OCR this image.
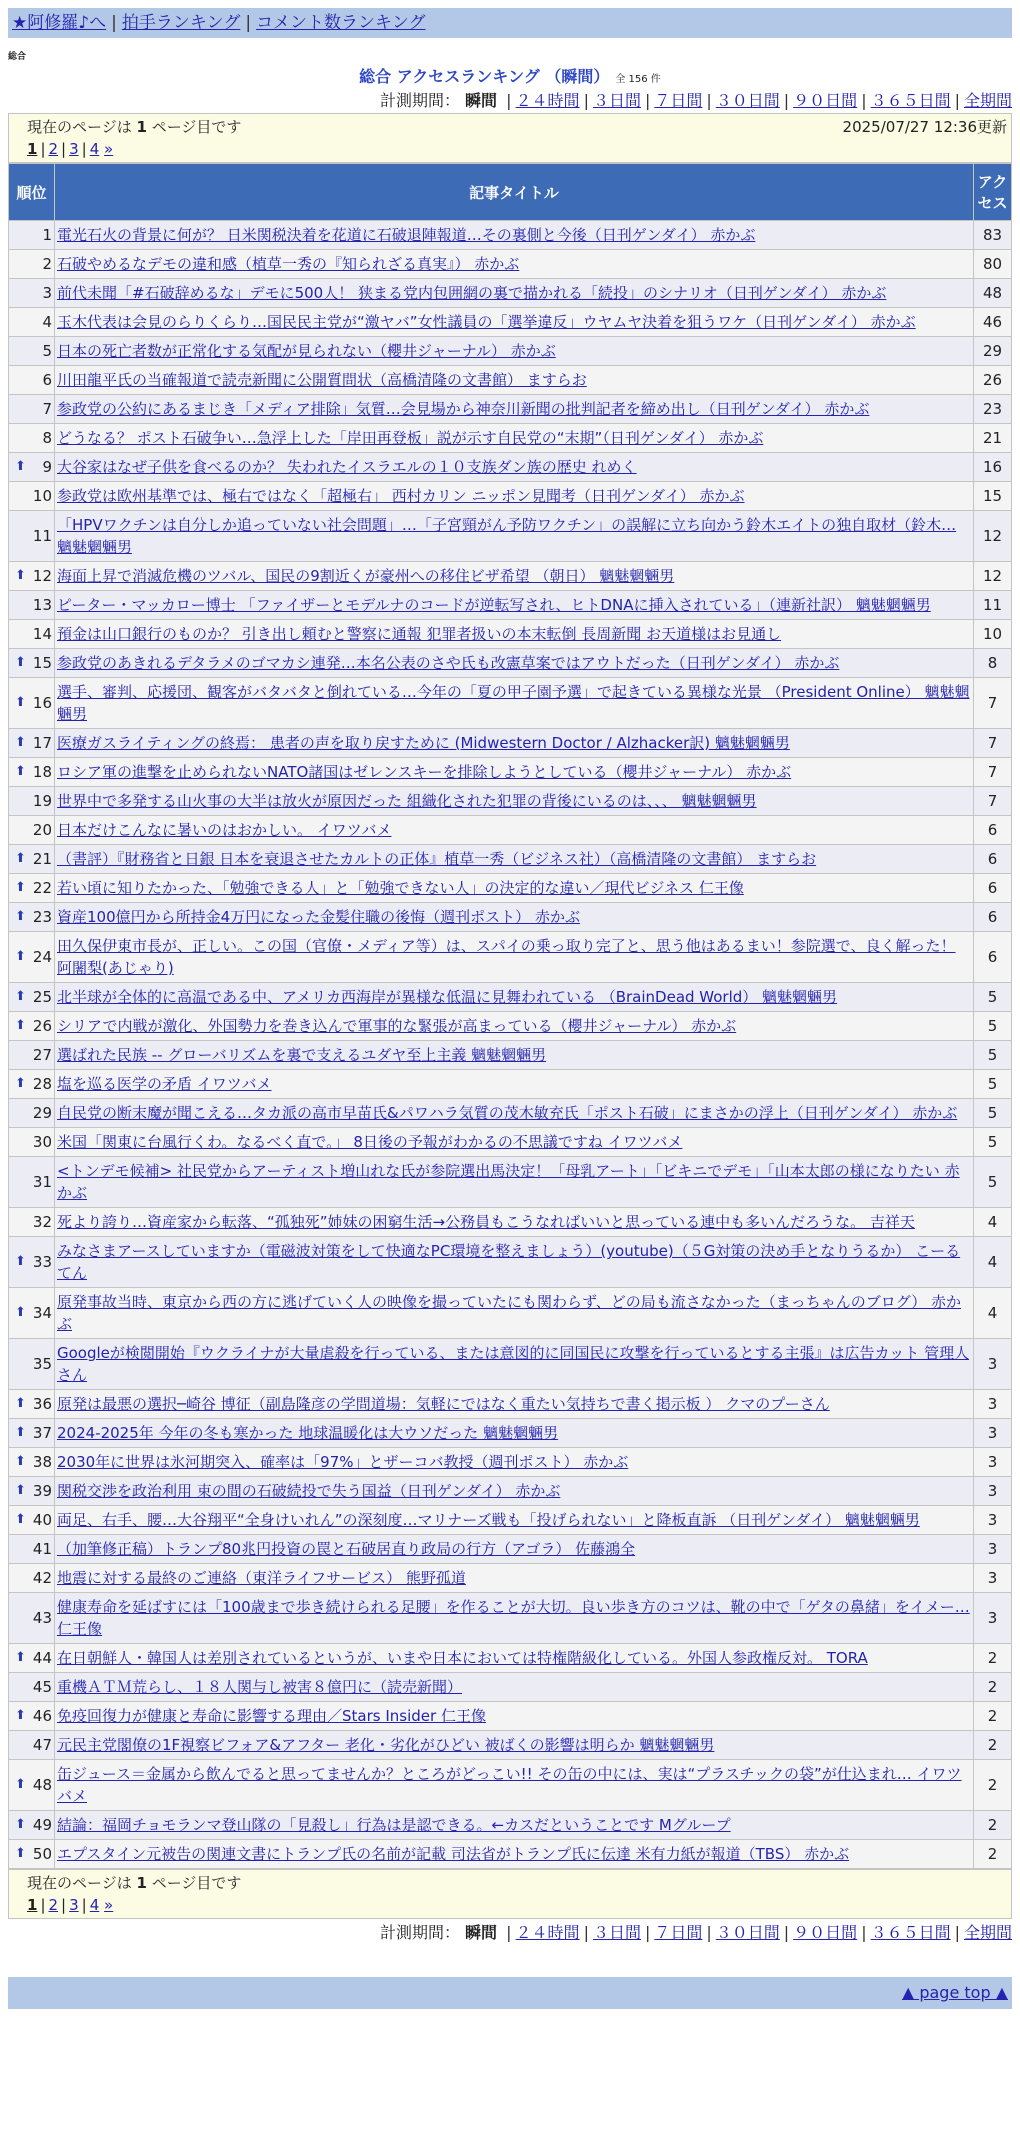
★阿修羅♪へ | 拍手ランキング | コメント数ランキング
総合
総合 アクセスランキング （瞬間） 全 156 件
計測期間： 瞬間 | ２４時間 | ３日間 | ７日間 | ３０日間 | ９０日間 | ３６５日間 | 全期間
現在のページは 1 ページ目です	2025/07/27 12:36更新
1 | 2 | 3 | 4 »
順位	記事タイトル	アクセス
1	電光石火の背景に何が？ 日米関税決着を花道に石破退陣報道…その裏側と今後（日刊ゲンダイ） 赤かぶ	83
2	石破やめるなデモの違和感（植草一秀の『知られざる真実』） 赤かぶ	80
3	前代未聞「#石破辞めるな」デモに500人！ 狭まる党内包囲網の裏で描かれる「続投」のシナリオ（日刊ゲンダイ） 赤かぶ	48
4	玉木代表は会見のらりくらり…国民民主党が“激ヤバ”女性議員の「選挙違反」ウヤムヤ決着を狙うワケ（日刊ゲンダイ） 赤かぶ	46
5	日本の死亡者数が正常化する気配が見られない（櫻井ジャーナル） 赤かぶ	29
6	川田龍平氏の当確報道で読売新聞に公開質問状（高橋清隆の文書館） ますらお	26
7	参政党の公約にあるまじき「メディア排除」気質…会見場から神奈川新聞の批判記者を締め出し（日刊ゲンダイ） 赤かぶ	23
8	どうなる？ ポスト石破争い…急浮上した「岸田再登板」説が示す自民党の“末期”（日刊ゲンダイ） 赤かぶ	21

⬆ 9	大谷家はなぜ子供を食べるのか？ 失われたイスラエルの１０支族ダン族の歴史 れめく	16
10	参政党は欧州基準では、極右ではなく「超極右」 西村カリン ニッポン見聞考（日刊ゲンダイ） 赤かぶ	15
11	「HPVワクチンは自分しか追っていない社会問題」…「子宮頸がん予防ワクチン」の誤解に立ち向かう鈴木エイトの独自取材（鈴木… 魑魅魍魎男	12

⬆ 12	海面上昇で消滅危機のツバル、国民の9割近くが豪州への移住ビザ希望 （朝日） 魑魅魍魎男	12
13	ピーター・マッカロー博士 「ファイザーとモデルナのコードが逆転写され、ヒトDNAに挿入されている」（連新社訳） 魑魅魍魎男	11
14	預金は山口銀行のものか？ 引き出し頼むと警察に通報 犯罪者扱いの本末転倒 長周新聞 お天道様はお見通し	10

⬆ 15	参政党のあきれるデタラメのゴマカシ連発…本名公表のさや氏も改憲草案ではアウトだった（日刊ゲンダイ） 赤かぶ	8

⬆ 16	選手、審判、応援団、観客がバタバタと倒れている…今年の「夏の甲子園予選」で起きている異様な光景 （President Online） 魑魅魍魎男	7

⬆ 17	医療ガスライティングの終焉： 患者の声を取り戻すために (Midwestern Doctor / Alzhacker訳) 魑魅魍魎男	7

⬆ 18	ロシア軍の進撃を止められないNATO諸国はゼレンスキーを排除しようとしている（櫻井ジャーナル） 赤かぶ	7
19	世界中で多発する山火事の大半は放火が原因だった 組織化された犯罪の背後にいるのは、、、 魑魅魍魎男	7
20	日本だけこんなに暑いのはおかしい。 イワツバメ	6

⬆ 21	（書評）『財務省と日銀 日本を衰退させたカルトの正体』植草一秀（ビジネス社）（高橋清隆の文書館） ますらお	6

⬆ 22	若い頃に知りたかった、「勉強できる人」と「勉強できない人」の決定的な違い／現代ビジネス 仁王像	6

⬆ 23	資産100億円から所持金4万円になった金髪住職の後悔（週刊ポスト） 赤かぶ	6

⬆ 24	田久保伊東市長が、正しい。この国（官僚・メディア等）は、スパイの乗っ取り完了と、思う他はあるまい！参院選で、良く解った！ 阿闍梨(あじゃり)	6

⬆ 25	北半球が全体的に高温である中、アメリカ西海岸が異様な低温に見舞われている （BrainDead World） 魑魅魍魎男	5

⬆ 26	シリアで内戦が激化、外国勢力を巻き込んで軍事的な緊張が高まっている（櫻井ジャーナル） 赤かぶ	5
27	選ばれた民族 -- グローバリズムを裏で支えるユダヤ至上主義 魑魅魍魎男	5

⬆ 28	塩を巡る医学の矛盾 イワツバメ	5
29	自民党の断末魔が聞こえる…タカ派の高市早苗氏&パワハラ気質の茂木敏充氏「ポスト石破」にまさかの浮上（日刊ゲンダイ） 赤かぶ	5
30	米国「関東に台風行くわ。なるべく直で。」 8日後の予報がわかるの不思議ですね イワツバメ	5
31	<トンデモ候補> 社民党からアーティスト増山れな氏が参院選出馬決定！「母乳アート」「ビキニでデモ」「山本太郎の様になりたい 赤かぶ	5
32	死より誇り…資産家から転落、“孤独死”姉妹の困窮生活→公務員もこうなればいいと思っている連中も多いんだろうな。 吉祥天	4

⬆ 33	みなさまアースしていますか（電磁波対策をして快適なPC環境を整えましょう）(youtube)（５G対策の決め手となりうるか） こーるてん	4

⬆ 34	原発事故当時、東京から西の方に逃げていく人の映像を撮っていたにも関わらず、どの局も流さなかった（まっちゃんのブログ） 赤かぶ	4
35	Googleが検閲開始『ウクライナが大量虐殺を行っている、または意図的に同国民に攻撃を行っているとする主張』は広告カット 管理人さん	3

⬆ 36	原発は最悪の選択─崎谷 博征（副島隆彦の学問道場：気軽にではなく重たい気持ちで書く掲示板 ） クマのプーさん	3

⬆ 37	2024-2025年 今年の冬も寒かった 地球温暖化は大ウソだった 魑魅魍魎男	3

⬆ 38	2030年に世界は氷河期突入、確率は「97%」とザーコバ教授（週刊ポスト） 赤かぶ	3

⬆ 39	関税交渉を政治利用 束の間の石破続投で失う国益（日刊ゲンダイ） 赤かぶ	3

⬆ 40	両足、右手、腰…大谷翔平“全身けいれん”の深刻度…マリナーズ戦も「投げられない」と降板直訴 （日刊ゲンダイ） 魑魅魍魎男	3
41	（加筆修正稿）トランプ80兆円投資の罠と石破居直り政局の行方（アゴラ） 佐藤鴻全	3
42	地震に対する最終のご連絡（東洋ライフサービス） 熊野孤道	3
43	健康寿命を延ばすには「100歳まで歩き続けられる足腰」を作ることが大切。良い歩き方のコツは、靴の中で「ゲタの鼻緒」をイメー… 仁王像	3

⬆ 44	在日朝鮮人・韓国人は差別されているというが、いまや日本においては特権階級化している。外国人参政権反対。 TORA	2
45	重機ＡＴＭ荒らし、１８人関与し被害８億円に（読売新聞）	2

⬆ 46	免疫回復力が健康と寿命に影響する理由／Stars Insider 仁王像	2
47	元民主党閣僚の1F視察ビフォア&アフター 老化・劣化がひどい 被ばくの影響は明らか 魑魅魍魎男	2

⬆ 48	缶ジュース＝金属から飲んでると思ってませんか？ところがどっこい!! その缶の中には、実は“プラスチックの袋”が仕込まれ… イワツバメ	2

⬆ 49	結論：福岡チョモランマ登山隊の「見殺し」行為は是認できる。←カスだということです Mグループ	2

⬆ 50	エプスタイン元被告の関連文書にトランプ氏の名前が記載 司法省がトランプ氏に伝達 米有力紙が報道（TBS） 赤かぶ	2
現在のページは 1 ページ目です
1 | 2 | 3 | 4 »
計測期間： 瞬間 | ２４時間 | ３日間 | ７日間 | ３０日間 | ９０日間 | ３６５日間 | 全期間
▲ page top ▲
